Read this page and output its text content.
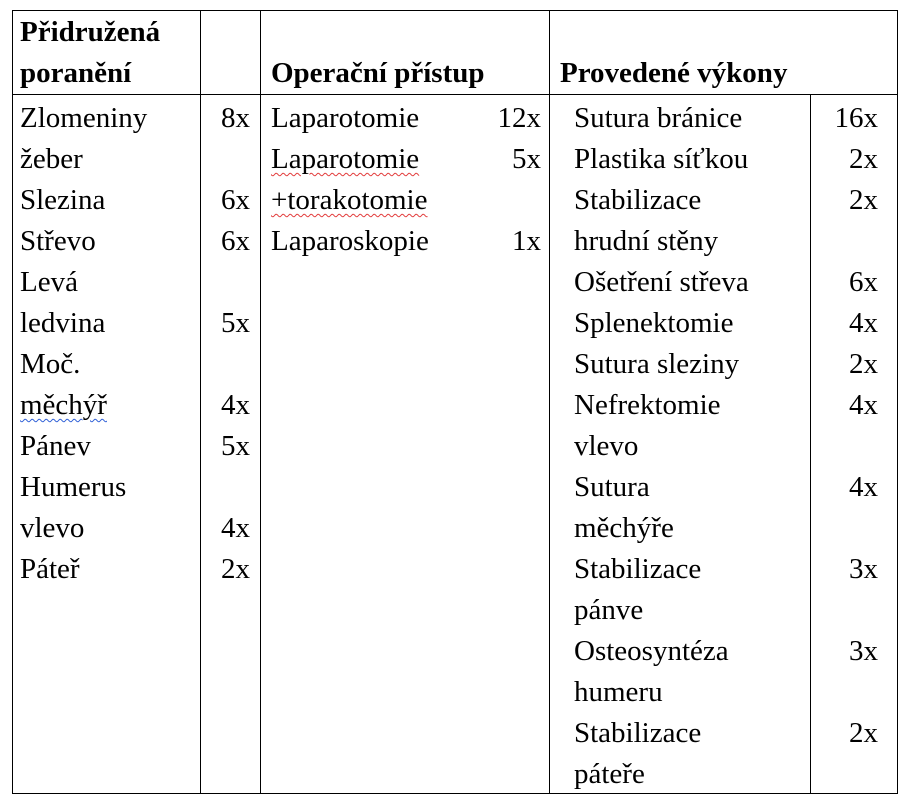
Přidružená
poranění	Operační přístup	Provedené výkony
Zlomeniny
žeber
Slezina
Střevo
Levá
ledvina
Moč.
měchýř
Pánev
Humerus
vlevo
Páteř
8x
6x
6x
5x
4x
5x
4x
2x
Laparotomie
Laparotomie
+torakotomie
Laparoskopie
12x
5x
1x
Sutura bránice
Plastika síťkou
Stabilizace
hrudní stěny
Ošetření střeva
Splenektomie
Sutura sleziny
Nefrektomie
vlevo
Sutura
měchýře
Stabilizace
pánve
Osteosyntéza
humeru
Stabilizace
páteře
16x
2x
2x
6x
4x
2x
4x
4x
3x
3x
2x
